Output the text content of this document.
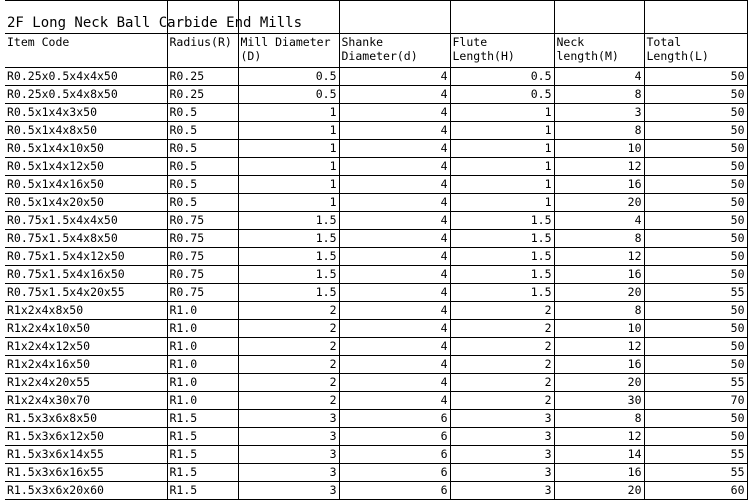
2F Long Neck Ball Carbide End Mills						
Item Code	Radius(R)	Mill Diameter (D)	Shanke Diameter(d)	Flute Length(H)	Neck length(M)	Total Length(L)
R0.25x0.5x4x4x50	R0.25	0.5	4	0.5	4	50
R0.25x0.5x4x8x50	R0.25	0.5	4	0.5	8	50
R0.5x1x4x3x50	R0.5	1	4	1	3	50
R0.5x1x4x8x50	R0.5	1	4	1	8	50
R0.5x1x4x10x50	R0.5	1	4	1	10	50
R0.5x1x4x12x50	R0.5	1	4	1	12	50
R0.5x1x4x16x50	R0.5	1	4	1	16	50
R0.5x1x4x20x50	R0.5	1	4	1	20	50
R0.75x1.5x4x4x50	R0.75	1.5	4	1.5	4	50
R0.75x1.5x4x8x50	R0.75	1.5	4	1.5	8	50
R0.75x1.5x4x12x50	R0.75	1.5	4	1.5	12	50
R0.75x1.5x4x16x50	R0.75	1.5	4	1.5	16	50
R0.75x1.5x4x20x55	R0.75	1.5	4	1.5	20	55
R1x2x4x8x50	R1.0	2	4	2	8	50
R1x2x4x10x50	R1.0	2	4	2	10	50
R1x2x4x12x50	R1.0	2	4	2	12	50
R1x2x4x16x50	R1.0	2	4	2	16	50
R1x2x4x20x55	R1.0	2	4	2	20	55
R1x2x4x30x70	R1.0	2	4	2	30	70
R1.5x3x6x8x50	R1.5	3	6	3	8	50
R1.5x3x6x12x50	R1.5	3	6	3	12	50
R1.5x3x6x14x55	R1.5	3	6	3	14	55
R1.5x3x6x16x55	R1.5	3	6	3	16	55
R1.5x3x6x20x60	R1.5	3	6	3	20	60
